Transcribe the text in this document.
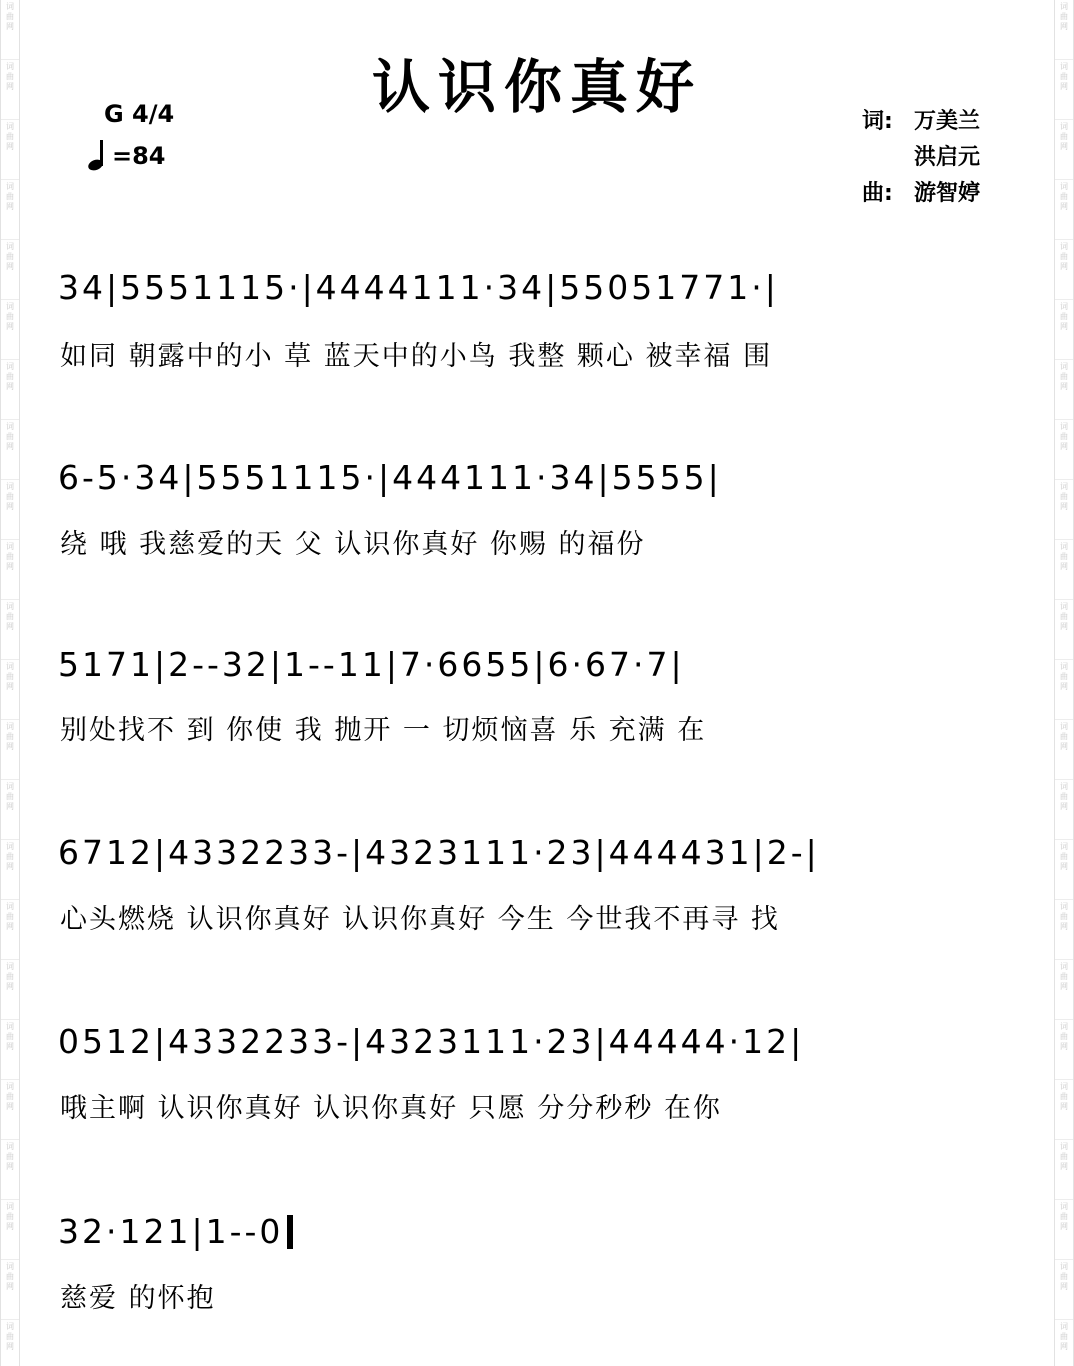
词
曲
网
词
曲
网
词
曲
网
词
曲
网
词
曲
网
词
曲
网
词
曲
网
词
曲
网
词
曲
网
词
曲
网
词
曲
网
词
曲
网
词
曲
网
词
曲
网
词
曲
网
词
曲
网
词
曲
网
词
曲
网
词
曲
网
词
曲
网
词
曲
网
词
曲
网
词
曲
网
词
曲
网
词
曲
网
词
曲
网
词
曲
网
词
曲
网
词
曲
网
词
曲
网
词
曲
网
词
曲
网
词
曲
网
词
曲
网
词
曲
网
词
曲
网
词
曲
网
词
曲
网
词
曲
网
词
曲
网
词
曲
网
词
曲
网
词
曲
网
词
曲
网
词
曲
网
词
曲
网
认识你真好
G 4/4
=84
词: 万美兰
洪启元
曲: 游智婷
34|5551115·|4444111·34|55051771·|
如同 朝露中的小 草 蓝天中的小鸟 我整 颗心 被幸福 围
6-5·34|5551115·|444111·34|5555|
绕 哦 我慈爱的天 父 认识你真好 你赐 的福份
5171|2--32|1--11|7·6655|6·67·7|
别处找不 到 你使 我 抛开 一 切烦恼喜 乐 充满 在
6712|4332233-|4323111·23|444431|2-|
心头燃烧 认识你真好 认识你真好 今生 今世我不再寻 找
0512|4332233-|4323111·23|44444·12|
哦主啊 认识你真好 认识你真好 只愿 分分秒秒 在你
32·121|1--0
慈爱 的怀抱
